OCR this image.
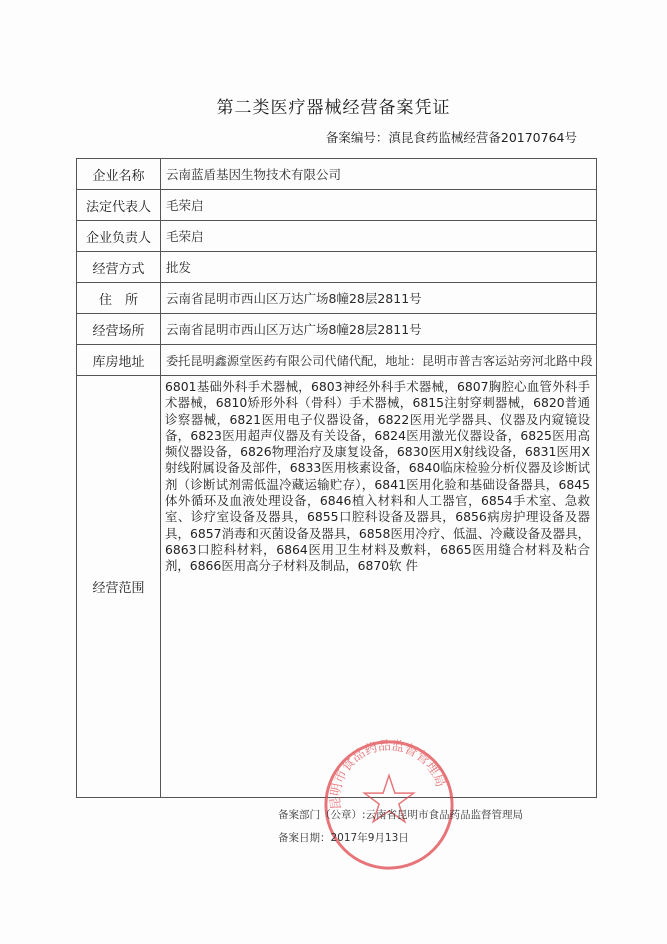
第二类医疗器械经营备案凭证
备案编号：滇昆食药监械经营备20170764号
企业名称	云南蓝盾基因生物技术有限公司
法定代表人	毛荣启
企业负责人	毛荣启
经营方式	批发
住　所	云南省昆明市西山区万达广场8幢28层2811号
经营场所	云南省昆明市西山区万达广场8幢28层2811号
库房地址	委托昆明鑫源堂医药有限公司代储代配，地址：昆明市普吉客运站旁河北路中段
经营范围	6801基础外科手术器械，6803神经外科手术器械，6807胸腔心血管外科手术器械，6810矫形外科（骨科）手术器械，6815注射穿刺器械，6820普通诊察器械，6821医用电子仪器设备，6822医用光学器具、仪器及内窥镜设备，6823医用超声仪器及有关设备，6824医用激光仪器设备，6825医用高频仪器设备，6826物理治疗及康复设备，6830医用X射线设备，6831医用X射线附属设备及部件，6833医用核素设备，6840临床检验分析仪器及诊断试剂（诊断试剂需低温冷藏运输贮存），6841医用化验和基础设备器具，6845体外循环及血液处理设备，6846植入材料和人工器官，6854手术室、急救室、诊疗室设备及器具，6855口腔科设备及器具，6856病房护理设备及器具，6857消毒和灭菌设备及器具，6858医用冷疗、低温、冷藏设备及器具，6863口腔科材料，6864医用卫生材料及敷料，6865医用缝合材料及粘合剂，6866医用高分子材料及制品，6870软 件
昆明市食品药品监督管理局
备案部门（公章）:云南省昆明市食品药品监督管理局
备案日期：2017年9月13日
